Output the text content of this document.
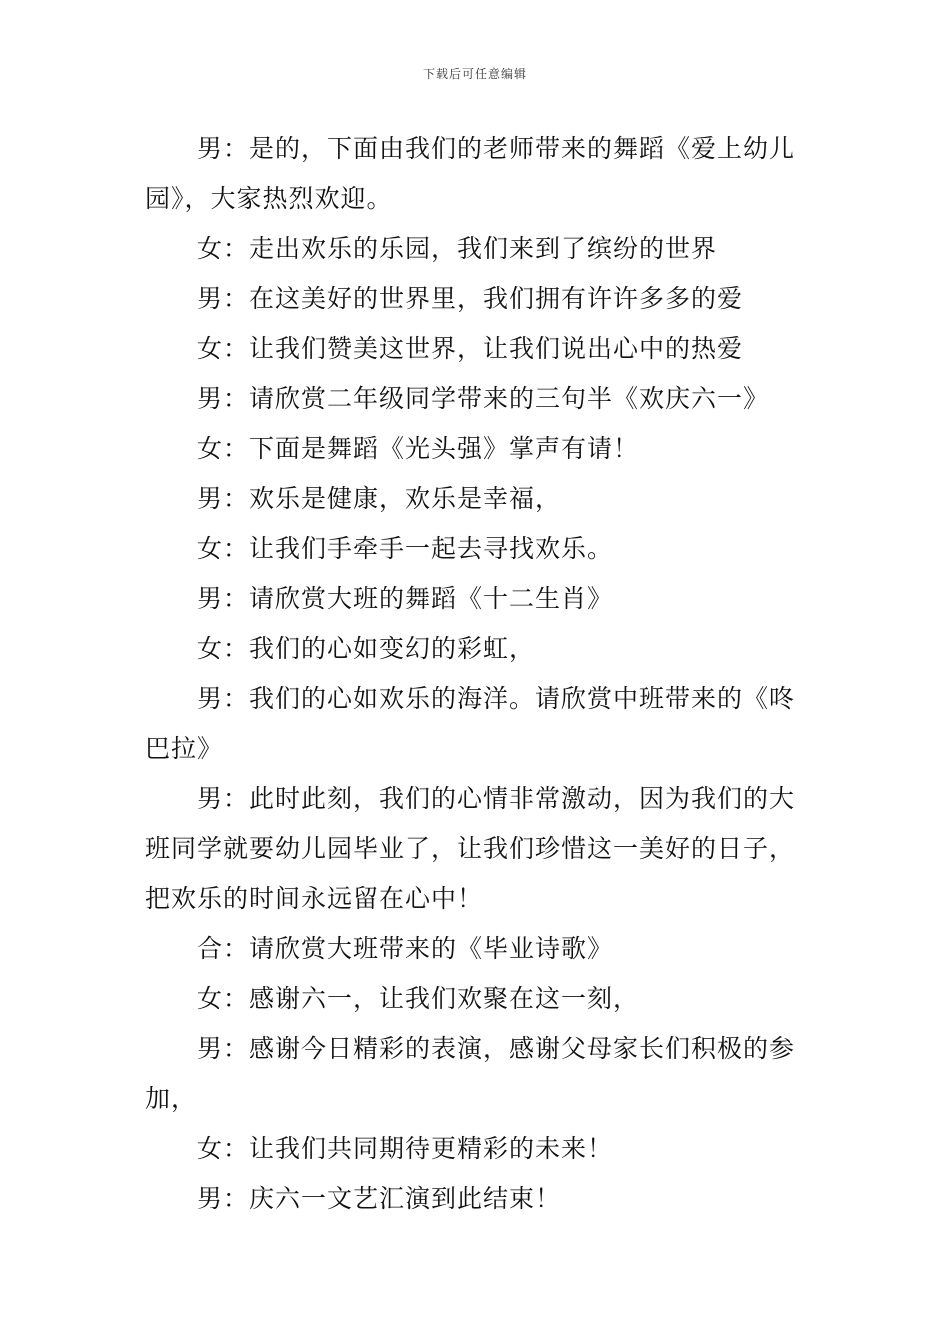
下载后可任意编辑

男：是的，下面由我们的老师带来的舞蹈《爱上幼儿园》，大家热烈欢迎。

女：走出欢乐的乐园，我们来到了缤纷的世界

男：在这美好的世界里，我们拥有许许多多的爱

女：让我们赞美这世界，让我们说出心中的热爱

男：请欣赏二年级同学带来的三句半《欢庆六一》

女：下面是舞蹈《光头强》掌声有请！

男：欢乐是健康，欢乐是幸福，

女：让我们手牵手一起去寻找欢乐。

男：请欣赏大班的舞蹈《十二生肖》

女：我们的心如变幻的彩虹，

男：我们的心如欢乐的海洋。请欣赏中班带来的《咚巴拉》

男：此时此刻，我们的心情非常激动，因为我们的大班同学就要幼儿园毕业了，让我们珍惜这一美好的日子，把欢乐的时间永远留在心中！

合：请欣赏大班带来的《毕业诗歌》

女：感谢六一，让我们欢聚在这一刻，

男：感谢今日精彩的表演，感谢父母家长们积极的参加，

女：让我们共同期待更精彩的未来！

男：庆六一文艺汇演到此结束！
